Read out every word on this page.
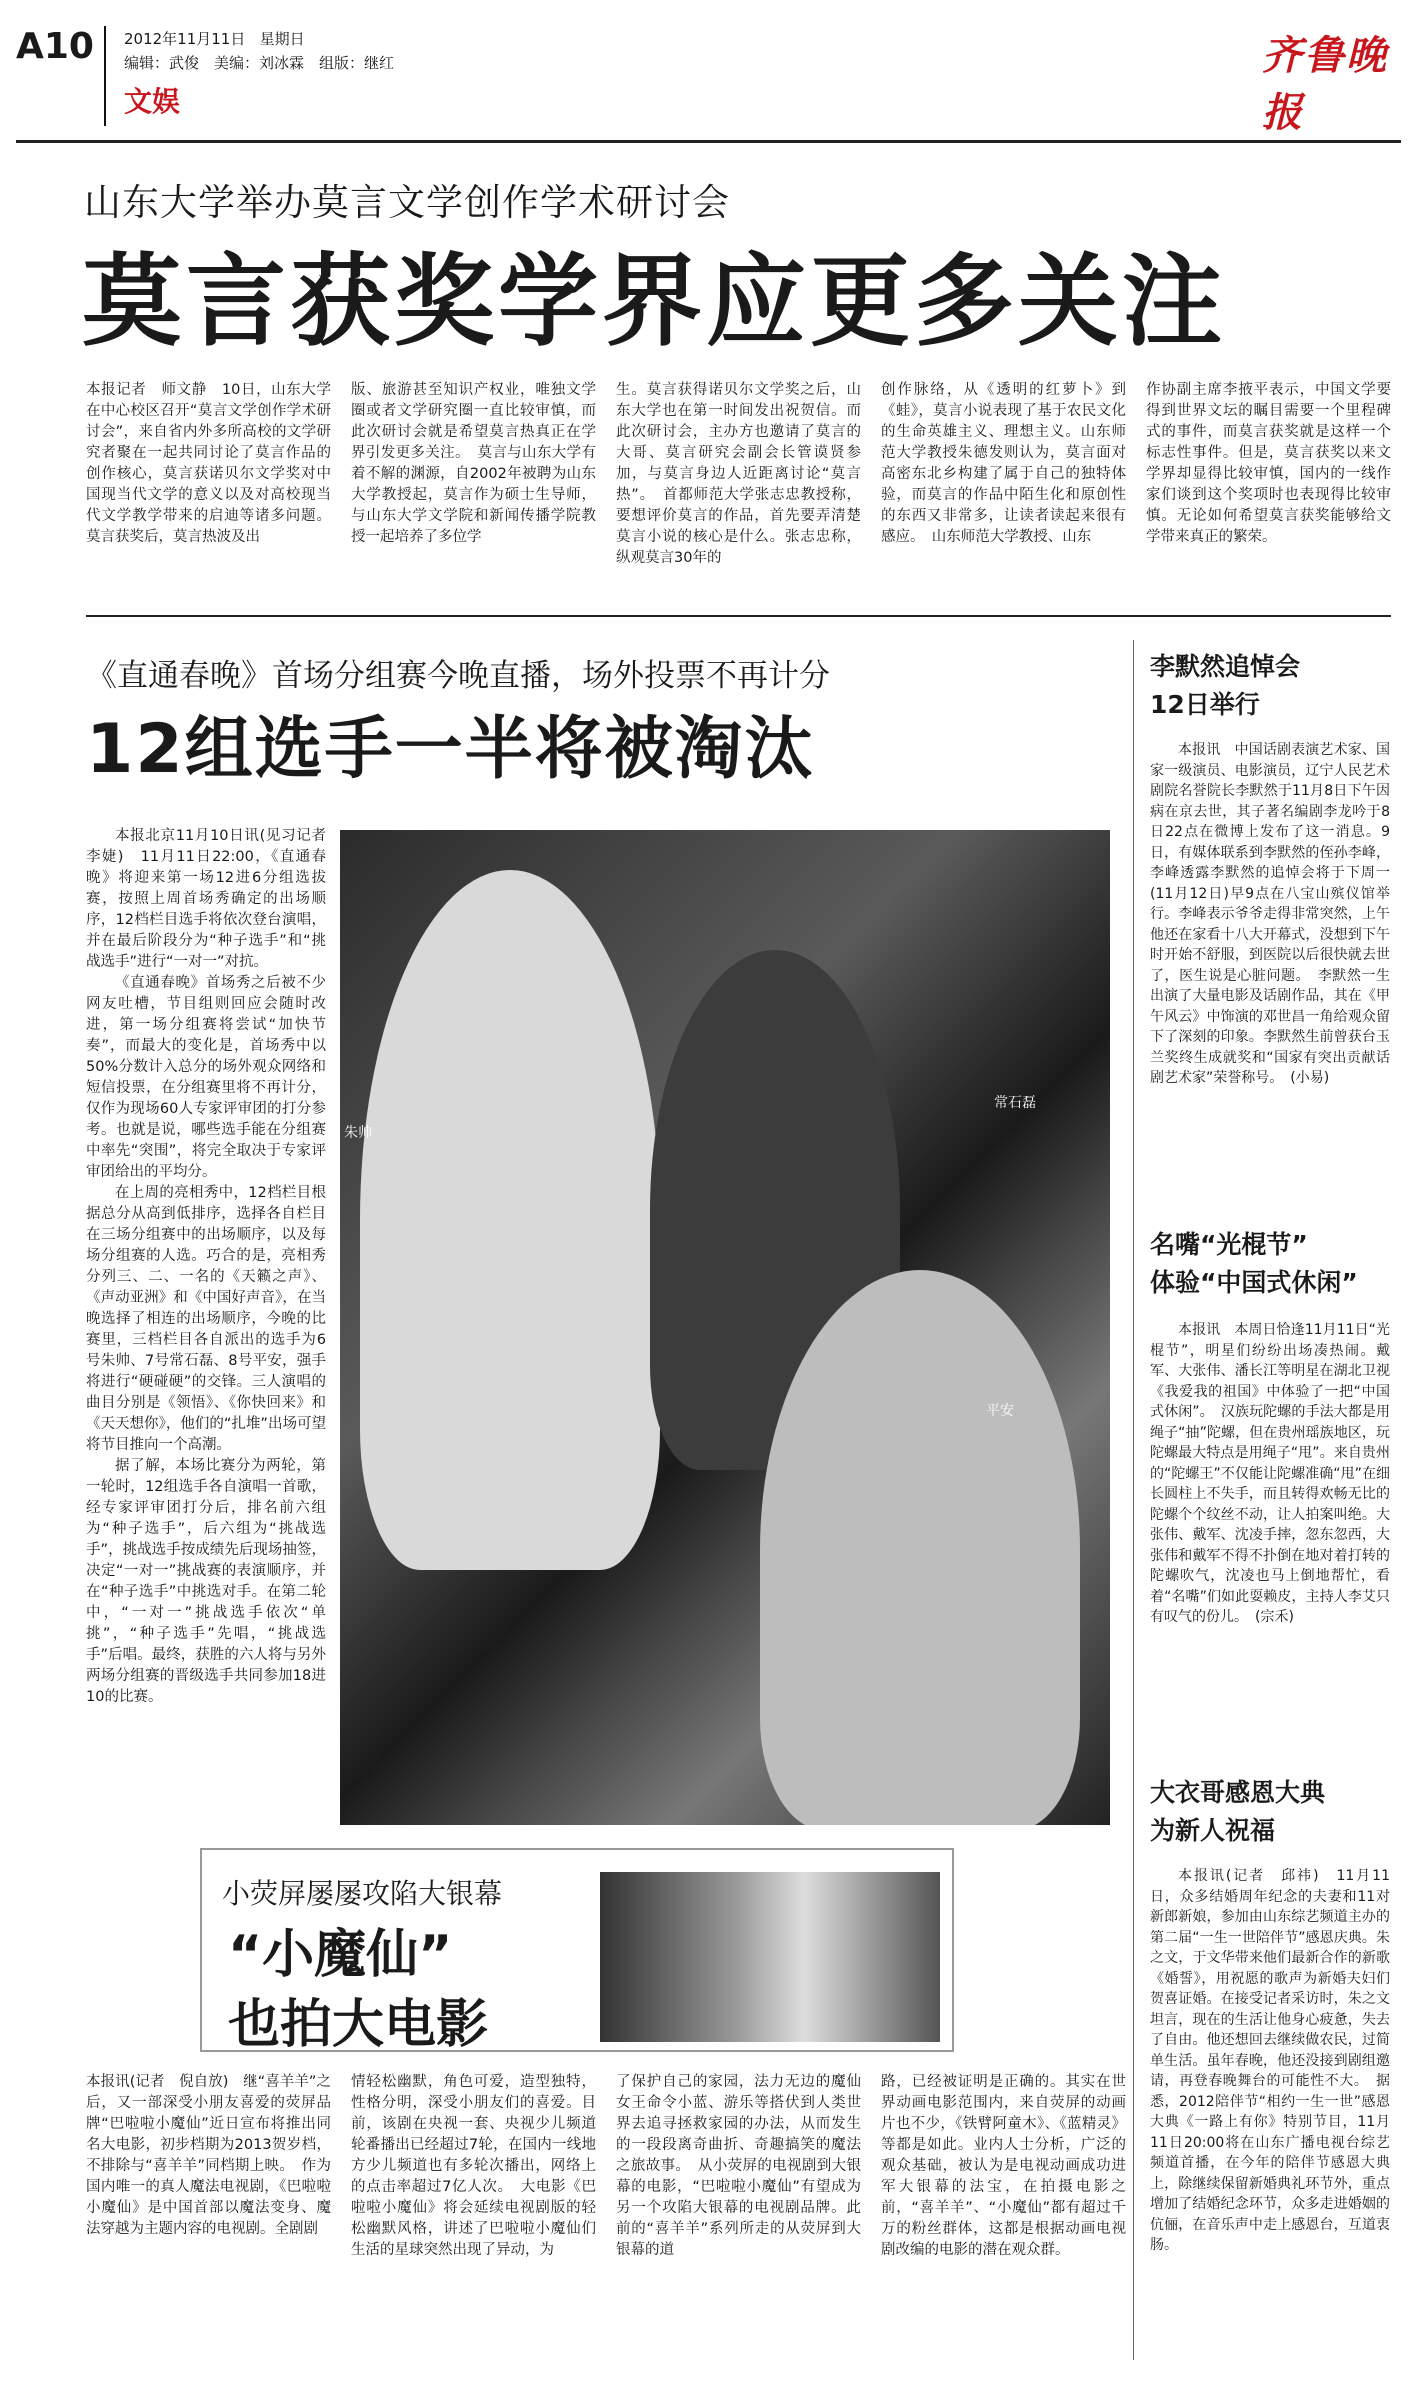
A10 2012年11月11日 星期日
编辑：武俊　美编：刘冰霖　组版：继红
文娱
齐鲁晚报
山东大学举办莫言文学创作学术研讨会
莫言获奖学界应更多关注
本报记者　师文静　10日，山东大学在中心校区召开“莫言文学创作学术研讨会”，来自省内外多所高校的文学研究者聚在一起共同讨论了莫言作品的创作核心，莫言获诺贝尔文学奖对中国现当代文学的意义以及对高校现当代文学教学带来的启迪等诸多问题。莫言获奖后，莫言热波及出
版、旅游甚至知识产权业，唯独文学圈或者文学研究圈一直比较审慎，而此次研讨会就是希望莫言热真正在学界引发更多关注。　莫言与山东大学有着不解的渊源，自2002年被聘为山东大学教授起，莫言作为硕士生导师，与山东大学文学院和新闻传播学院教授一起培养了多位学
生。莫言获得诺贝尔文学奖之后，山东大学也在第一时间发出祝贺信。而此次研讨会，主办方也邀请了莫言的大哥、莫言研究会副会长管谟贤参加，与莫言身边人近距离讨论“莫言热”。　首都师范大学张志忠教授称，要想评价莫言的作品，首先要弄清楚莫言小说的核心是什么。张志忠称，纵观莫言30年的
创作脉络，从《透明的红萝卜》到《蛙》，莫言小说表现了基于农民文化的生命英雄主义、理想主义。山东师范大学教授朱德发则认为，莫言面对高密东北乡构建了属于自己的独特体验，而莫言的作品中陌生化和原创性的东西又非常多，让读者读起来很有感应。　山东师范大学教授、山东
作协副主席李掖平表示，中国文学要得到世界文坛的瞩目需要一个里程碑式的事件，而莫言获奖就是这样一个标志性事件。但是，莫言获奖以来文学界却显得比较审慎，国内的一线作家们谈到这个奖项时也表现得比较审慎。无论如何希望莫言获奖能够给文学带来真正的繁荣。
《直通春晚》首场分组赛今晚直播，场外投票不再计分
12组选手一半将被淘汰

本报北京11月10日讯(见习记者　李婕)　11月11日22:00，《直通春晚》将迎来第一场12进6分组选拔赛，按照上周首场秀确定的出场顺序，12档栏目选手将依次登台演唱，并在最后阶段分为“种子选手”和“挑战选手”进行“一对一”对抗。

《直通春晚》首场秀之后被不少网友吐槽，节目组则回应会随时改进，第一场分组赛将尝试“加快节奏”，而最大的变化是，首场秀中以50%分数计入总分的场外观众网络和短信投票，在分组赛里将不再计分，仅作为现场60人专家评审团的打分参考。也就是说，哪些选手能在分组赛中率先“突围”，将完全取决于专家评审团给出的平均分。

在上周的亮相秀中，12档栏目根据总分从高到低排序，选择各自栏目在三场分组赛中的出场顺序，以及每场分组赛的人选。巧合的是，亮相秀分列三、二、一名的《天籁之声》、《声动亚洲》和《中国好声音》，在当晚选择了相连的出场顺序，今晚的比赛里，三档栏目各自派出的选手为6号朱帅、7号常石磊、8号平安，强手将进行“硬碰硬”的交锋。三人演唱的曲目分别是《领悟》、《你快回来》和《天天想你》，他们的“扎堆”出场可望将节目推向一个高潮。

据了解，本场比赛分为两轮，第一轮时，12组选手各自演唱一首歌，经专家评审团打分后，排名前六组为“种子选手”，后六组为“挑战选手”，挑战选手按成绩先后现场抽签，决定“一对一”挑战赛的表演顺序，并在“种子选手”中挑选对手。在第二轮中，“一对一”挑战选手依次“单挑”，“种子选手”先唱，“挑战选手”后唱。最终，获胜的六人将与另外两场分组赛的晋级选手共同参加18进10的比赛。

朱帅
常石磊
平安
小荧屏屡屡攻陷大银幕
“小魔仙”
也拍大电影
本报讯(记者　倪自放)　继“喜羊羊”之后，又一部深受小朋友喜爱的荧屏品牌“巴啦啦小魔仙”近日宣布将推出同名大电影，初步档期为2013贺岁档，不排除与“喜羊羊”同档期上映。　作为国内唯一的真人魔法电视剧，《巴啦啦小魔仙》是中国首部以魔法变身、魔法穿越为主题内容的电视剧。全剧剧
情轻松幽默，角色可爱，造型独特，性格分明，深受小朋友们的喜爱。目前，该剧在央视一套、央视少儿频道轮番播出已经超过7轮，在国内一线地方少儿频道也有多轮次播出，网络上的点击率超过7亿人次。　大电影《巴啦啦小魔仙》将会延续电视剧版的轻松幽默风格，讲述了巴啦啦小魔仙们生活的星球突然出现了异动，为
了保护自己的家园，法力无边的魔仙女王命令小蓝、游乐等搭伏到人类世界去追寻拯救家园的办法，从而发生的一段段离奇曲折、奇趣搞笑的魔法之旅故事。　从小荧屏的电视剧到大银幕的电影，“巴啦啦小魔仙”有望成为另一个攻陷大银幕的电视剧品牌。此前的“喜羊羊”系列所走的从荧屏到大银幕的道
路，已经被证明是正确的。其实在世界动画电影范围内，来自荧屏的动画片也不少，《铁臂阿童木》、《蓝精灵》等都是如此。业内人士分析，广泛的观众基础，被认为是电视动画成功进军大银幕的法宝，在拍摄电影之前，“喜羊羊”、“小魔仙”都有超过千万的粉丝群体，这都是根据动画电视剧改编的电影的潜在观众群。
李默然追悼会
12日举行

本报讯　中国话剧表演艺术家、国家一级演员、电影演员，辽宁人民艺术剧院名誉院长李默然于11月8日下午因病在京去世，其子著名编剧李龙吟于8日22点在微博上发布了这一消息。9日，有媒体联系到李默然的侄孙李峰，李峰透露李默然的追悼会将于下周一(11月12日)早9点在八宝山殡仪馆举行。李峰表示爷爷走得非常突然，上午他还在家看十八大开幕式，没想到下午时开始不舒服，到医院以后很快就去世了，医生说是心脏问题。　李默然一生出演了大量电影及话剧作品，其在《甲午风云》中饰演的邓世昌一角给观众留下了深刻的印象。李默然生前曾获台玉兰奖终生成就奖和“国家有突出贡献话剧艺术家”荣誉称号。　(小易)

名嘴“光棍节”
体验“中国式休闲”

本报讯　本周日恰逢11月11日“光棍节”，明星们纷纷出场凑热闹。戴军、大张伟、潘长江等明星在湖北卫视《我爱我的祖国》中体验了一把“中国式休闲”。　汉族玩陀螺的手法大都是用绳子“抽”陀螺，但在贵州瑶族地区，玩陀螺最大特点是用绳子“甩”。来自贵州的“陀螺王”不仅能让陀螺准确“甩”在细长圆柱上不失手，而且转得欢畅无比的陀螺个个纹丝不动，让人拍案叫绝。大张伟、戴军、沈凌手摔，忽东忽西，大张伟和戴军不得不扑倒在地对着打转的陀螺吹气，沈凌也马上倒地帮忙，看着“名嘴”们如此耍赖皮，主持人李艾只有叹气的份儿。　(宗禾)

大衣哥感恩大典
为新人祝福

本报讯(记者　邱祎)　11月11日，众多结婚周年纪念的夫妻和11对新郎新娘，参加由山东综艺频道主办的第二届“一生一世陪伴节”感恩庆典。朱之文，于文华带来他们最新合作的新歌《婚誓》，用祝愿的歌声为新婚夫妇们贺喜证婚。在接受记者采访时，朱之文坦言，现在的生活让他身心疲惫，失去了自由。他还想回去继续做农民，过简单生活。虽年春晚，他还没接到剧组邀请，再登春晚舞台的可能性不大。　据悉，2012陪伴节“相约一生一世”感恩大典《一路上有你》特别节目，11月11日20:00将在山东广播电视台综艺频道首播，在今年的陪伴节感恩大典上，除继续保留新婚典礼环节外，重点增加了结婚纪念环节，众多走进婚姻的伉俪，在音乐声中走上感恩台，互道衷肠。
